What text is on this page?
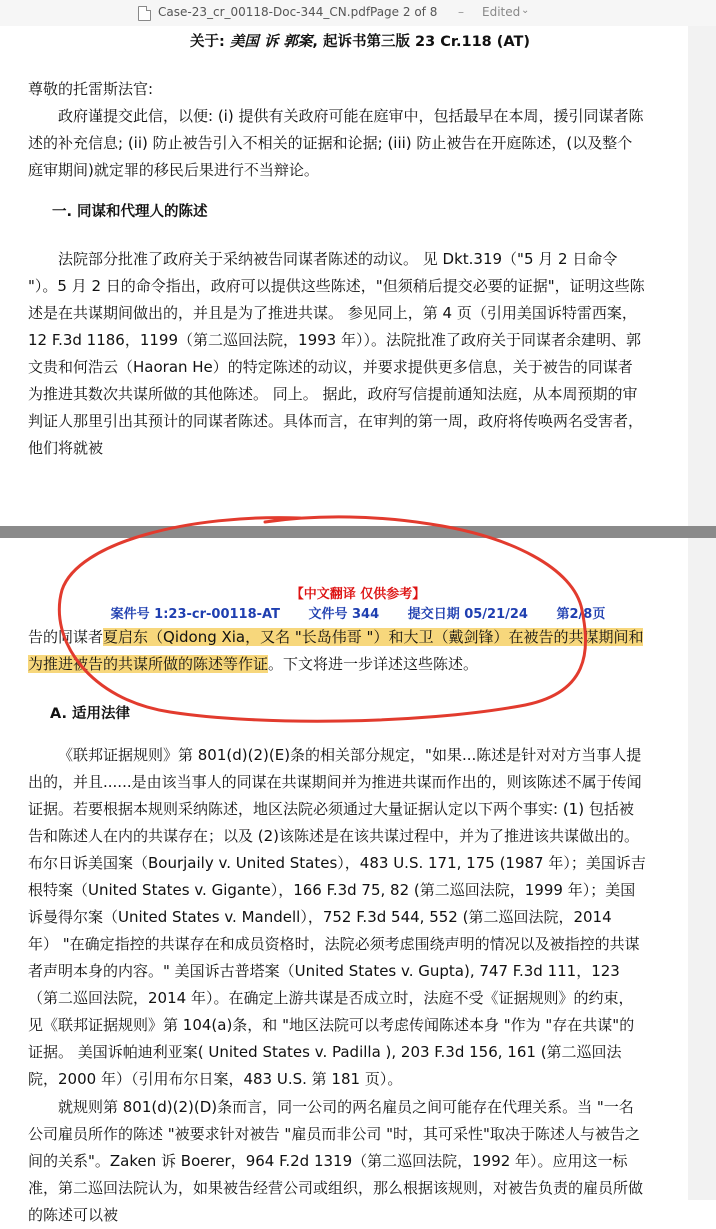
Case-23_cr_00118-Doc-344_CN.pdf	–
Page 2 of 8	Edited ⌄
关于: 美国 诉 郭案, 起诉书第三版 23 Cr.118 (AT)

尊敬的托雷斯法官:

政府谨提交此信，以便: (i) 提供有关政府可能在庭审中，包括最早在本周，援引同谋者陈述的补充信息; (ii) 防止被告引入不相关的证据和论据; (iii) 防止被告在开庭陈述，(以及整个庭审期间)就定罪的移民后果进行不当辩论。

一. 同谋和代理人的陈述

法院部分批准了政府关于采纳被告同谋者陈述的动议。 见 Dkt.319（"5 月 2 日命令 "）。5 月 2 日的命令指出，政府可以提供这些陈述，"但须稍后提交必要的证据"，证明这些陈述是在共谋期间做出的，并且是为了推进共谋。 参见同上，第 4 页（引用美国诉特雷西案，12 F.3d 1186，1199（第二巡回法院，1993 年））。法院批准了政府关于同谋者余建明、郭文贵和何浩云（Haoran He）的特定陈述的动议，并要求提供更多信息，关于被告的同谋者为推进其数次共谋所做的其他陈述。 同上。 据此，政府写信提前通知法庭，从本周预期的审判证人那里引出其预计的同谋者陈述。具体而言，在审判的第一周，政府将传唤两名受害者，他们将就被

【中文翻译 仅供参考】
案件号 1:23-cr-00118-AT 文件号 344 提交日期 05/21/24 第2/8页

告的同谋者夏启东（Qidong Xia，又名 "长岛伟哥 "）和大卫（戴剑锋）在被告的共谋期间和为推进被告的共谋所做的陈述等作证。下文将进一步详述这些陈述。

A. 适用法律

《联邦证据规则》第 801(d)(2)(E)条的相关部分规定，"如果...陈述是针对对方当事人提出的，并且......是由该当事人的同谋在共谋期间并为推进共谋而作出的，则该陈述不属于传闻证据。若要根据本规则采纳陈述，地区法院必须通过大量证据认定以下两个事实: (1) 包括被告和陈述人在内的共谋存在；以及 (2)该陈述是在该共谋过程中，并为了推进该共谋做出的。

布尔日诉美国案（Bourjaily v. United States），483 U.S. 171, 175 (1987 年）；美国诉吉根特案（United States v. Gigante），166 F.3d 75, 82 (第二巡回法院，1999 年）；美国诉曼得尔案（United States v. Mandell），752 F.3d 544, 552 (第二巡回法院，2014 年） "在确定指控的共谋存在和成员资格时，法院必须考虑围绕声明的情况以及被指控的共谋者声明本身的内容。" 美国诉古普塔案（United States v. Gupta), 747 F.3d 111，123（第二巡回法院，2014 年）。在确定上游共谋是否成立时，法庭不受《证据规则》的约束，见《联邦证据规则》第 104(a)条，和 "地区法院可以考虑传闻陈述本身 "作为 "存在共谋"的证据。 美国诉帕迪利亚案( United States v. Padilla ), 203 F.3d 156, 161 (第二巡回法院，2000 年）（引用布尔日案，483 U.S. 第 181 页）。

就规则第 801(d)(2)(D)条而言，同一公司的两名雇员之间可能存在代理关系。当 "一名公司雇员所作的陈述 "被要求针对被告 "雇员而非公司 "时，其可采性"取决于陈述人与被告之间的关系"。Zaken 诉 Boerer，964 F.2d 1319（第二巡回法院，1992 年）。应用这一标准，第二巡回法院认为，如果被告经营公司或组织，那么根据该规则，对被告负责的雇员所做的陈述可以被
